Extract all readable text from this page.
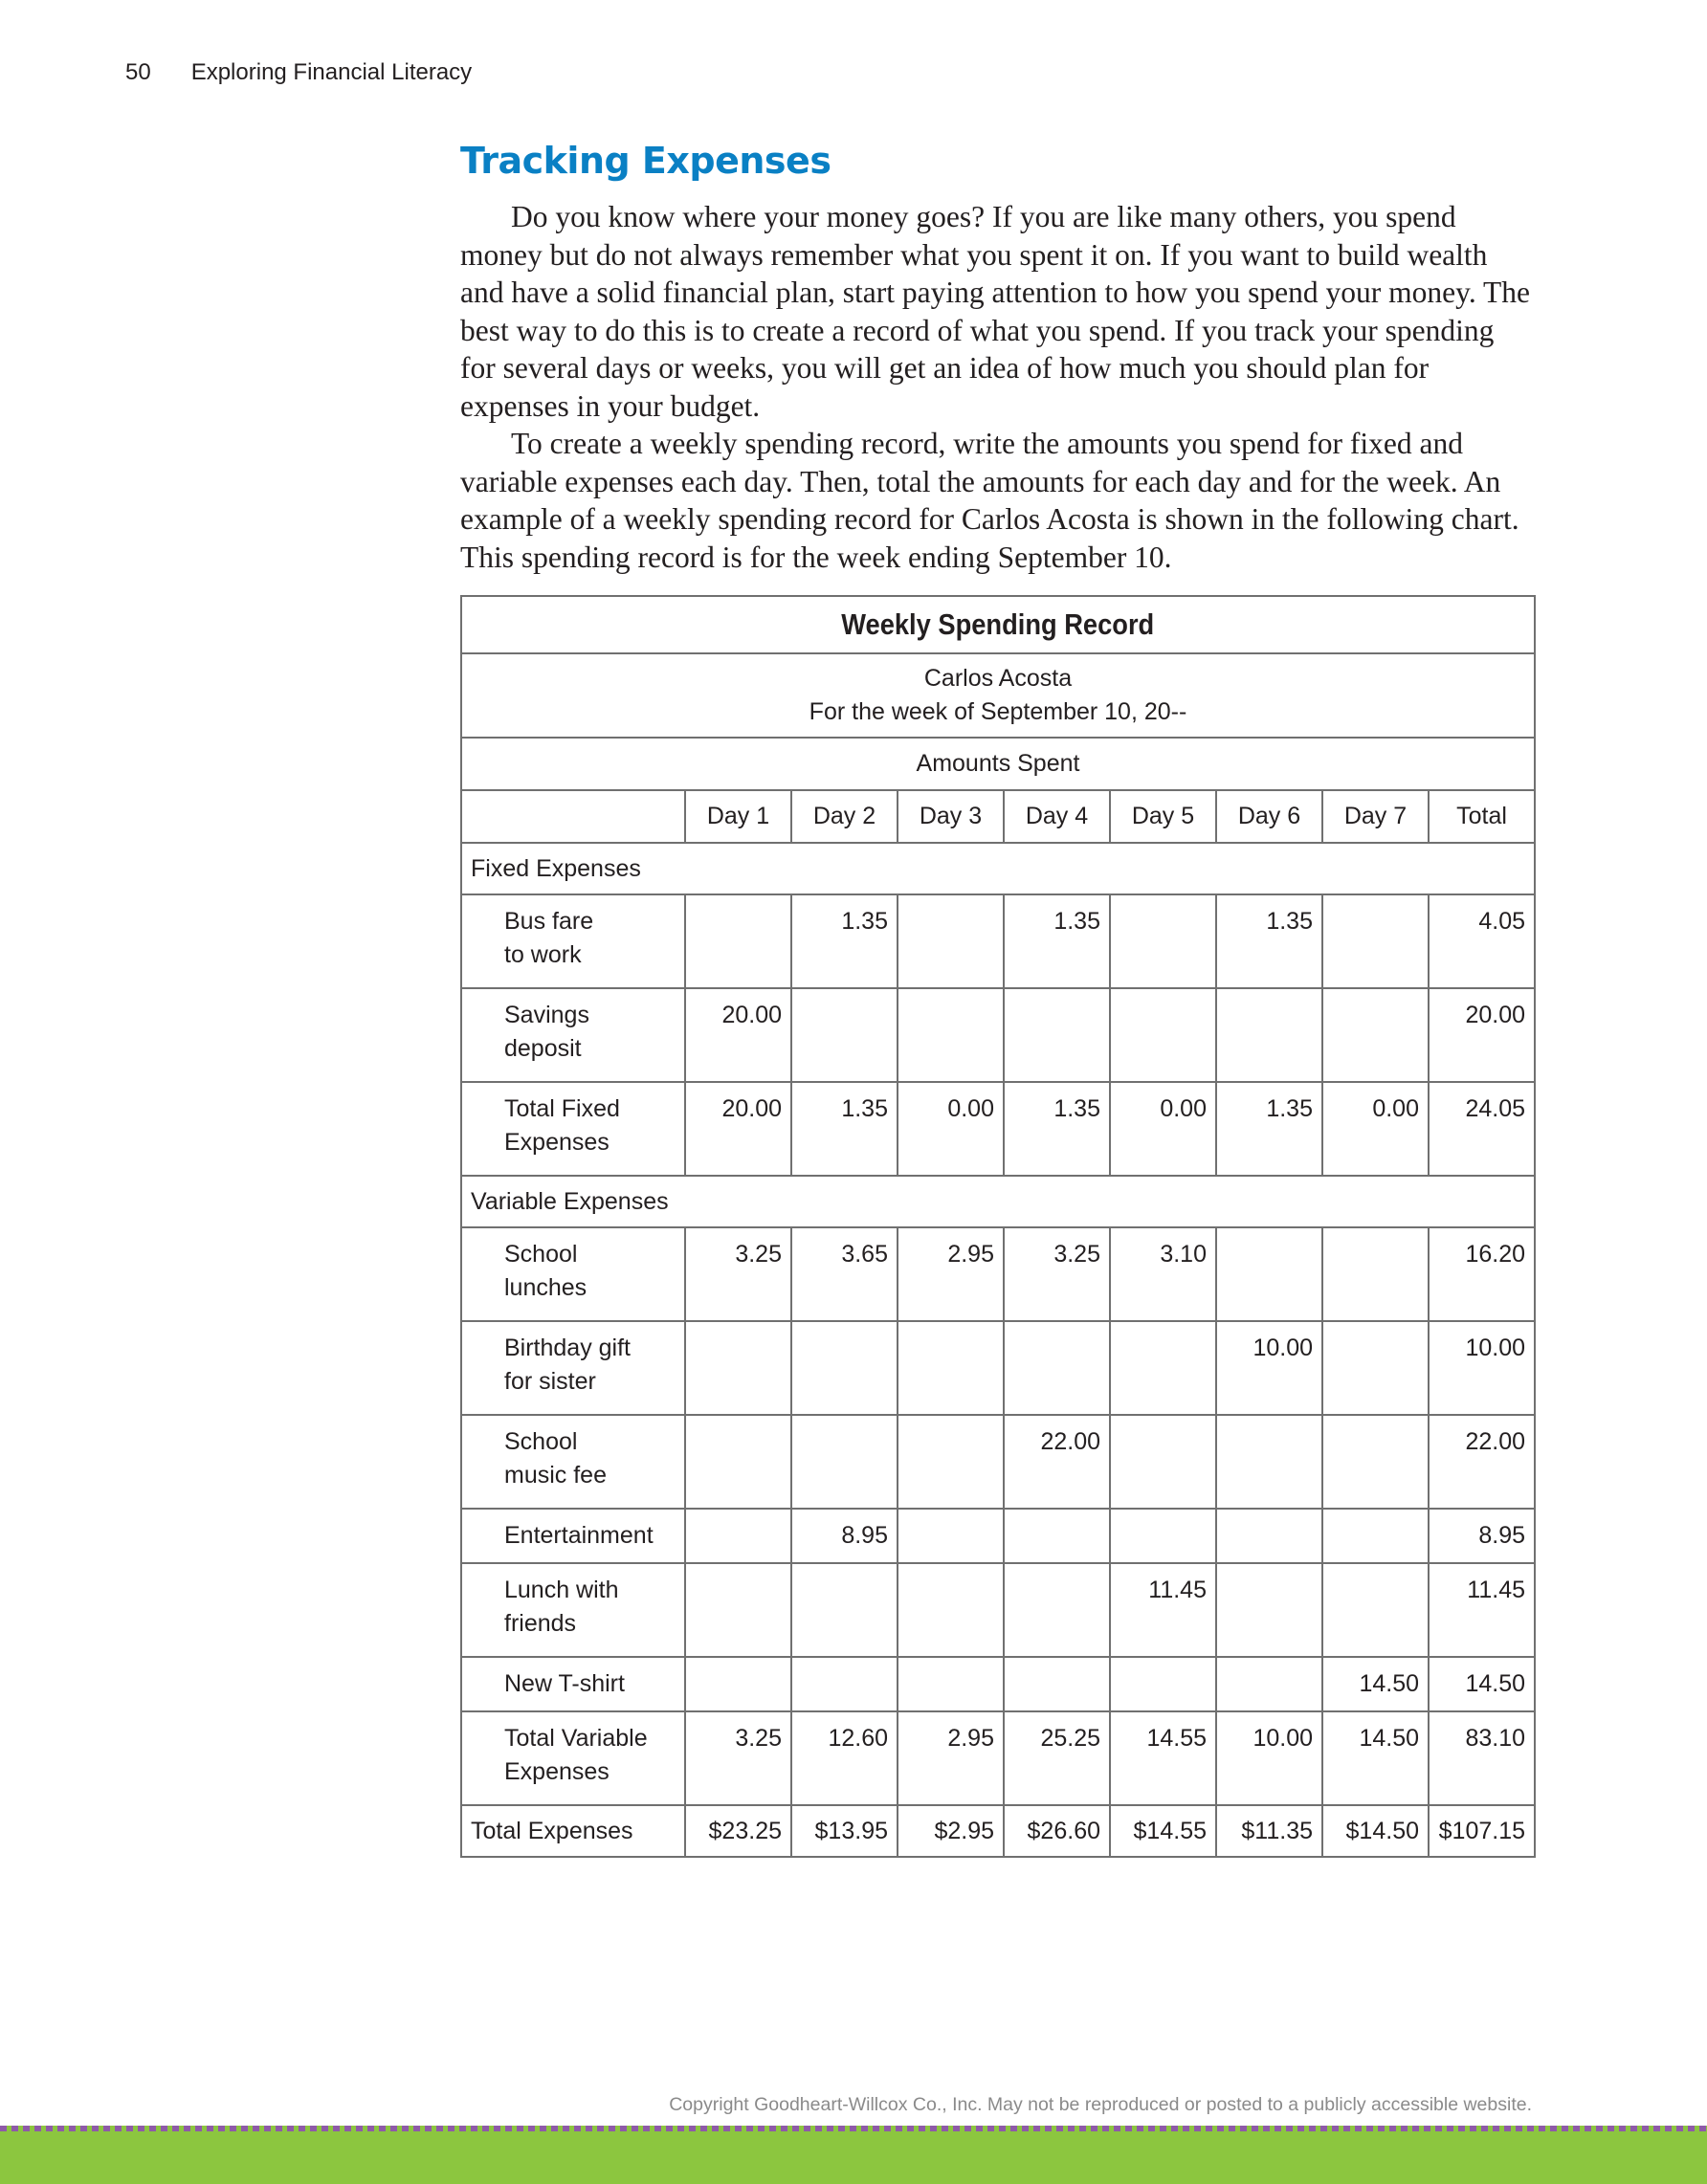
50 Exploring Financial Literacy
Tracking Expenses

Do you know where your money goes? If you are like many others, you spend money but do not always remember what you spent it on. If you want to build wealth and have a solid financial plan, start paying attention to how you spend your money. The best way to do this is to create a record of what you spend. If you track your spending for several days or weeks, you will get an idea of how much you should plan for expenses in your budget.

To create a weekly spending record, write the amounts you spend for fixed and variable expenses each day. Then, total the amounts for each day and for the week. An example of a weekly spending record for Carlos Acosta is shown in the following chart. This spending record is for the week ending September 10.

Weekly Spending Record								

Carlos Acosta
For the week of September 10, 20--								

Amounts Spent								
	Day 1	Day 2	Day 3	Day 4	Day 5	Day 6	Day 7	Total
Fixed Expenses								

Bus fare
to work		1.35		1.35		1.35		4.05

Savings
deposit	20.00							20.00

Total Fixed
Expenses	20.00	1.35	0.00	1.35	0.00	1.35	0.00	24.05
Variable Expenses								

School
lunches	3.25	3.65	2.95	3.25	3.10			16.20

Birthday gift
for sister						10.00		10.00

School
music fee				22.00				22.00

Entertainment		8.95						8.95

Lunch with
friends					11.45			11.45

New T-shirt							14.50	14.50

Total Variable
Expenses	3.25	12.60	2.95	25.25	14.55	10.00	14.50	83.10
Total Expenses	$23.25	$13.95	$2.95	$26.60	$14.55	$11.35	$14.50	$107.15
Copyright Goodheart-Willcox Co., Inc. May not be reproduced or posted to a publicly accessible website.
